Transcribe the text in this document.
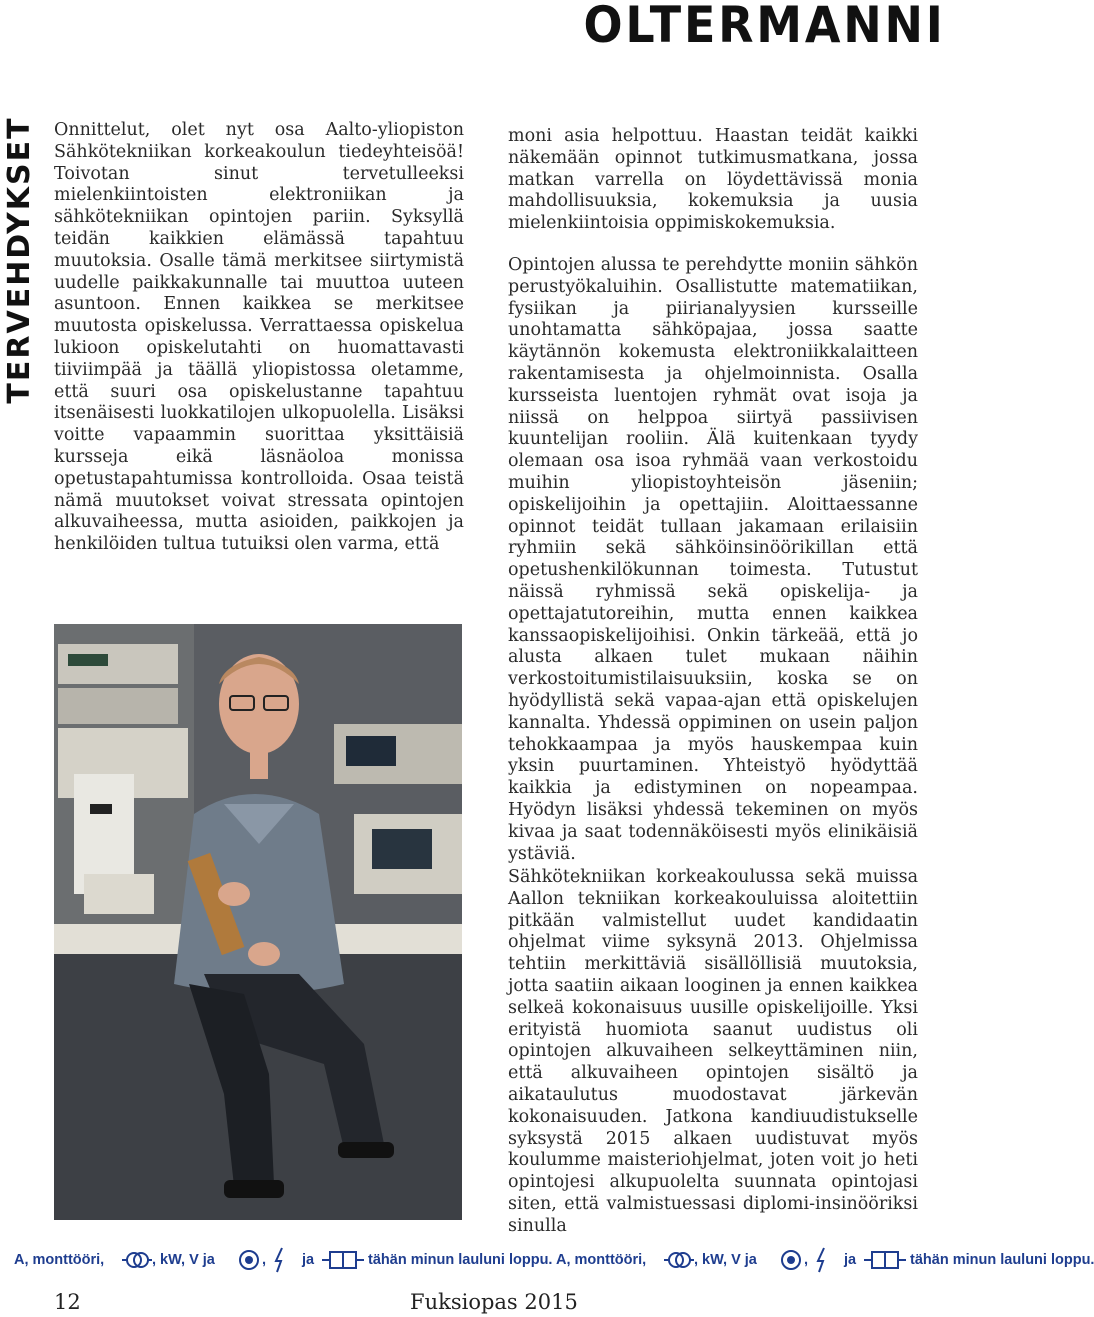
OLTERMANNI
TERVEHDYKSET Onnittelut, olet nyt osa Aalto-yliopiston Sähkötekniikan korkeakoulun tiedeyhteisöä! Toivotan sinut tervetulleeksi mielenkiintoisten elektroniikan ja sähkötekniikan opintojen pariin. Syksyllä teidän kaikkien elämässä tapahtuu muutoksia. Osalle tämä merkitsee siirtymistä uudelle paikkakunnalle tai muuttoa uuteen asuntoon. Ennen kaikkea se merkitsee muutosta opiskelussa. Verrattaessa opiskelua lukioon opiskelutahti on huomattavasti tiiviimpää ja täällä yliopistossa oletamme, että suuri osa opiskelustanne tapahtuu itsenäisesti luokkatilojen ulkopuolella. Lisäksi voitte vapaammin suorittaa yksittäisiä kursseja eikä läsnäoloa monissa opetustapahtumissa kontrolloida. Osaa teistä nämä muutokset voivat stressata opintojen alkuvaiheessa, mutta asioiden, paikkojen ja henkilöiden tultua tutuiksi olen varma, että

moni asia helpottuu. Haastan teidät kaikki näkemään opinnot tutkimusmatkana, jossa matkan varrella on löydettävissä monia mahdollisuuksia, kokemuksia ja uusia mielenkiintoisia oppimiskokemuksia.

Opintojen alussa te perehdytte moniin sähkön perustyökaluihin. Osallistutte matematiikan, fysiikan ja piirianalyysien kursseille unohtamatta sähköpajaa, jossa saatte käytännön kokemusta elektroniikkalaitteen rakentamisesta ja ohjelmoinnista. Osalla kursseista luentojen ryhmät ovat isoja ja niissä on helppoa siirtyä passiivisen kuuntelijan rooliin. Älä kuitenkaan tyydy olemaan osa isoa ryhmää vaan verkostoidu muihin yliopistoyhteisön jäseniin; opiskelijoihin ja opettajiin. Aloittaessanne opinnot teidät tullaan jakamaan erilaisiin ryhmiin sekä sähköinsinöörikillan että opetushenkilökunnan toimesta. Tutustut näissä ryhmissä sekä opiskelija- ja opettajatutoreihin, mutta ennen kaikkea kanssaopiskelijoihisi. Onkin tärkeää, että jo alusta alkaen tulet mukaan näihin verkostoitumistilaisuuksiin, koska se on hyödyllistä sekä vapaa-ajan että opiskelujen kannalta. Yhdessä oppiminen on usein paljon tehokkaampaa ja myös hauskempaa kuin yksin puurtaminen. Yhteistyö hyödyttää kaikkia ja edistyminen on nopeampaa. Hyödyn lisäksi yhdessä tekeminen on myös kivaa ja saat todennäköisesti myös elinikäisiä ystäviä.

Sähkötekniikan korkeakoulussa sekä muissa Aallon tekniikan korkeakouluissa aloitettiin pitkään valmistellut uudet kandidaatin ohjelmat viime syksynä 2013. Ohjelmissa tehtiin merkittäviä sisällöllisiä muutoksia, jotta saatiin aikaan looginen ja ennen kaikkea selkeä kokonaisuus uusille opiskelijoille. Yksi erityistä huomiota saanut uudistus oli opintojen alkuvaiheen selkeyttäminen niin, että alkuvaiheen opintojen sisältö ja aikataulutus muodostavat järkevän kokonaisuuden. Jatkona kandiuudistukselle syksystä 2015 alkaen uudistuvat myös koulumme maisteriohjelmat, joten voit jo heti opintojesi alkupuolelta suunnata opintojasi siten, että valmistuessasi diplomi-insinööriksi sinulla

A, monttööri,	, kW, V ja	, ja	tähän minun lauluni loppu. A, monttööri,	, kW, V ja	, ja	tähän minun lauluni loppu.
12	Fuksiopas 2015
